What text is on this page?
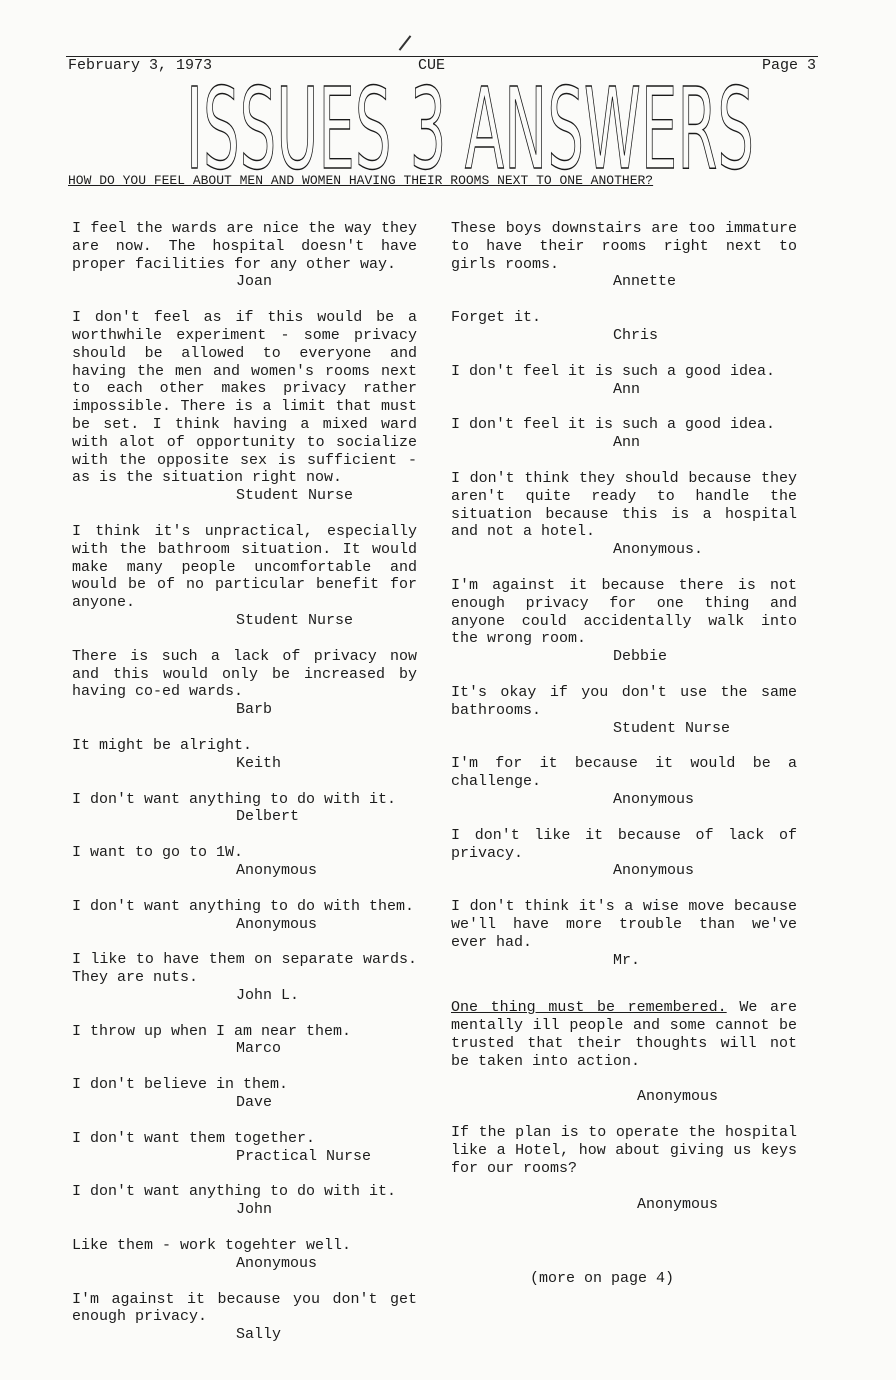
February 3, 1973	CUE	Page 3
ISSUES 3 ANSWERS
HOW DO YOU FEEL ABOUT MEN AND WOMEN HAVING THEIR ROOMS NEXT TO ONE ANOTHER?

I feel the wards are nice the way they are now. The hospital doesn't have proper facilities for any other way.

Joan

I don't feel as if this would be a worthwhile experiment - some privacy should be allowed to everyone and having the men and women's rooms next to each other makes privacy rather impossible. There is a limit that must be set. I think having a mixed ward with alot of opportunity to socialize with the opposite sex is sufficient - as is the situation right now.

Student Nurse

I think it's unpractical, especially with the bathroom situation. It would make many people uncomfortable and would be of no particular benefit for anyone.

Student Nurse

There is such a lack of privacy now and this would only be increased by having co-ed wards.

Barb

It might be alright.

Keith

I don't want anything to do with it.

Delbert

I want to go to 1W.

Anonymous

I don't want anything to do with them.

Anonymous

I like to have them on separate wards. They are nuts.

John L.

I throw up when I am near them.

Marco

I don't believe in them.

Dave

I don't want them together.

Practical Nurse

I don't want anything to do with it.

John

Like them - work togehter well.

Anonymous

I'm against it because you don't get enough privacy.

Sally

These boys downstairs are too immature to have their rooms right next to girls rooms.

Annette

Forget it.

Chris

I don't feel it is such a good idea.

Ann

I don't feel it is such a good idea.

Ann

I don't think they should because they aren't quite ready to handle the situation because this is a hospital and not a hotel.

Anonymous.

I'm against it because there is not enough privacy for one thing and anyone could accidentally walk into the wrong room.

Debbie

It's okay if you don't use the same bathrooms.

Student Nurse

I'm for it because it would be a challenge.

Anonymous

I don't like it because of lack of privacy.

Anonymous

I don't think it's a wise move because we'll have more trouble than we've ever had.

Mr.

One thing must be remembered. We are mentally ill people and some cannot be trusted that their thoughts will not be taken into action.

Anonymous

If the plan is to operate the hospital like a Hotel, how about giving us keys for our rooms?

Anonymous

(more on page 4)
